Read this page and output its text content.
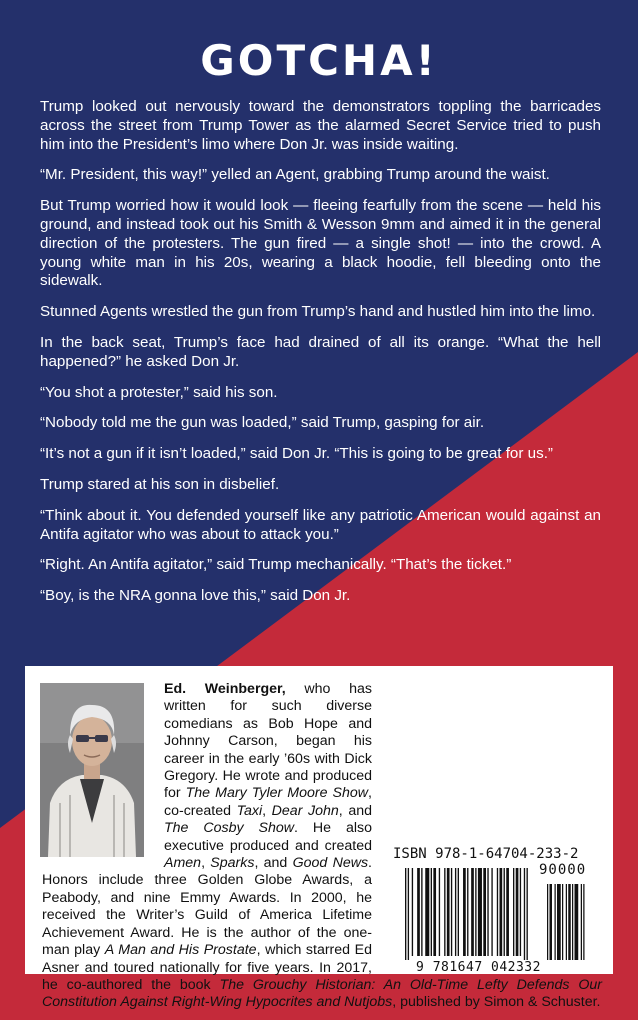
GOTCHA!

Trump looked out nervously toward the demonstrators toppling the barricades across the street from Trump Tower as the alarmed Secret Service tried to push him into the President’s limo where Don Jr. was inside waiting.

“Mr. President, this way!” yelled an Agent, grabbing Trump around the waist.

But Trump worried how it would look — fleeing fearfully from the scene — held his ground, and instead took out his Smith & Wesson 9mm and aimed it in the general direction of the protesters. The gun fired — a single shot! — into the crowd. A young white man in his 20s, wearing a black hoodie, fell bleeding onto the sidewalk.

Stunned Agents wrestled the gun from Trump’s hand and hustled him into the limo.

In the back seat, Trump’s face had drained of all its orange. “What the hell happened?” he asked Don Jr.

“You shot a protester,” said his son.

“Nobody told me the gun was loaded,” said Trump, gasping for air.

“It’s not a gun if it isn’t loaded,” said Don Jr. “This is going to be great for us.”

Trump stared at his son in disbelief.

“Think about it. You defended yourself like any patriotic American would against an Antifa agitator who was about to attack you.”

“Right. An Antifa agitator,” said Trump mechanically. “That’s the ticket.”

“Boy, is the NRA gonna love this,” said Don Jr.

Ed. Weinberger, who has written for such diverse comedians as Bob Hope and Johnny Carson, began his career in the early ’60s with Dick Gregory. He wrote and produced for The Mary Tyler Moore Show, co-created Taxi, Dear John, and The Cosby Show. He also executive produced and created Amen, Sparks, and Good News. Honors include three Golden Globe Awards, a Peabody, and nine Emmy Awards. In 2000, he received the Writer’s Guild of America Lifetime Achievement Award. He is the author of the one-man play A Man and His Prostate, which starred Ed Asner and toured nationally for five years. In 2017, he co-authored the book The Grouchy Historian: An Old-Time Lefty Defends Our Constitution Against Right-Wing Hypocrites and Nutjobs, published by Simon & Schuster.

ISBN 978-1-64704-233-2
90000
9 781647 042332
